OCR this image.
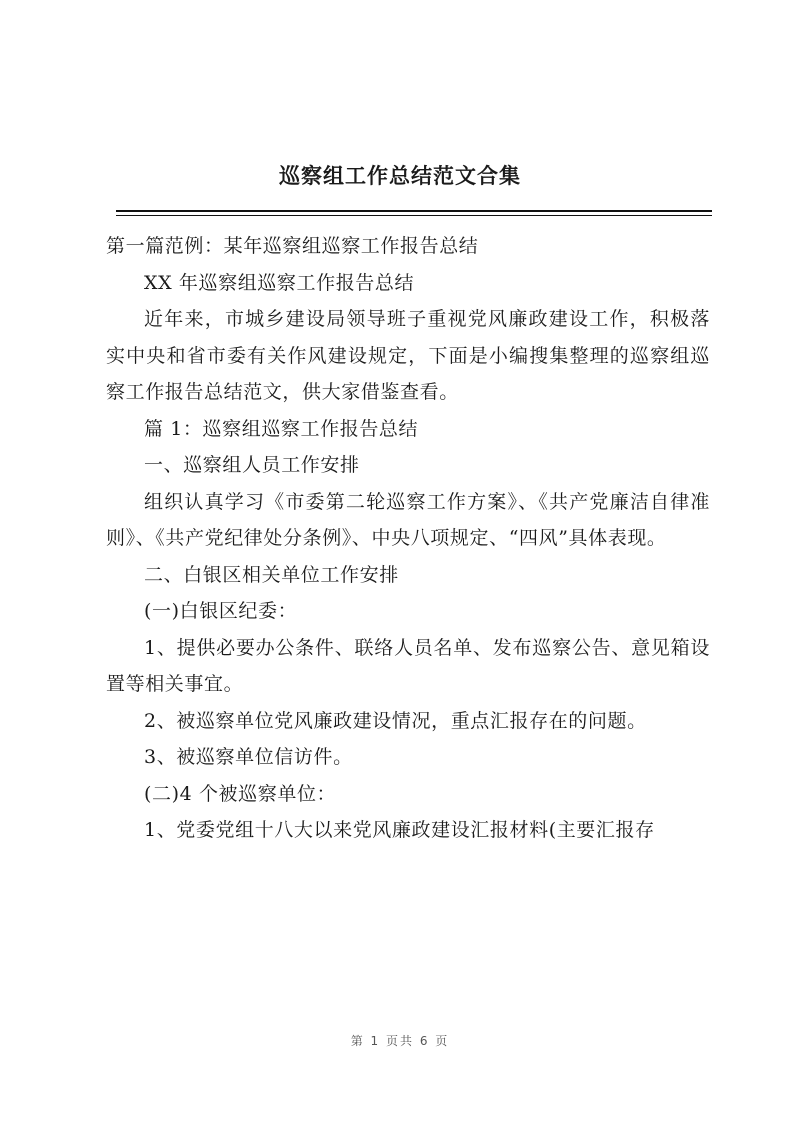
巡察组工作总结范文合集

第一篇范例：某年巡察组巡察工作报告总结

XX 年巡察组巡察工作报告总结

近年来，市城乡建设局领导班子重视党风廉政建设工作，积极落实中央和省市委有关作风建设规定，下面是小编搜集整理的巡察组巡察工作报告总结范文，供大家借鉴查看。

篇 1：巡察组巡察工作报告总结

一、巡察组人员工作安排

组织认真学习《市委第二轮巡察工作方案》、《共产党廉洁自律准则》、《共产党纪律处分条例》、中央八项规定、“四风”具体表现。

二、白银区相关单位工作安排

(一)白银区纪委：

1、提供必要办公条件、联络人员名单、发布巡察公告、意见箱设置等相关事宜。

2、被巡察单位党风廉政建设情况，重点汇报存在的问题。

3、被巡察单位信访件。

(二)4 个被巡察单位：

1、党委党组十八大以来党风廉政建设汇报材料(主要汇报存

第 1 页共 6 页
